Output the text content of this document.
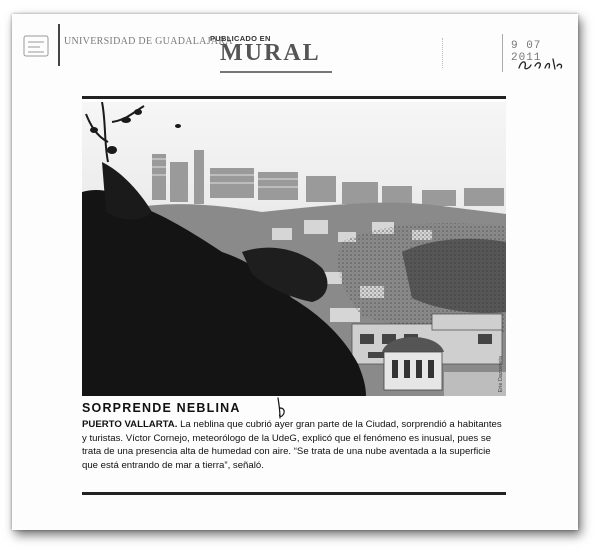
UNIVERSIDAD DE GUADALAJARA
PUBLICADO EN
MURAL	9 07 2011
Erie Dazovreta
SORPRENDE NEBLINA

PUERTO VALLARTA. La neblina que cubrió ayer gran parte de la Ciudad, sorprendió a habitantes

y turistas. Víctor Cornejo, meteorólogo de la UdeG, explicó que el fenómeno es inusual, pues se

trata de una presencia alta de humedad con aire. “Se trata de una nube aventada a la superficie

que está entrando de mar a tierra”, señaló.
